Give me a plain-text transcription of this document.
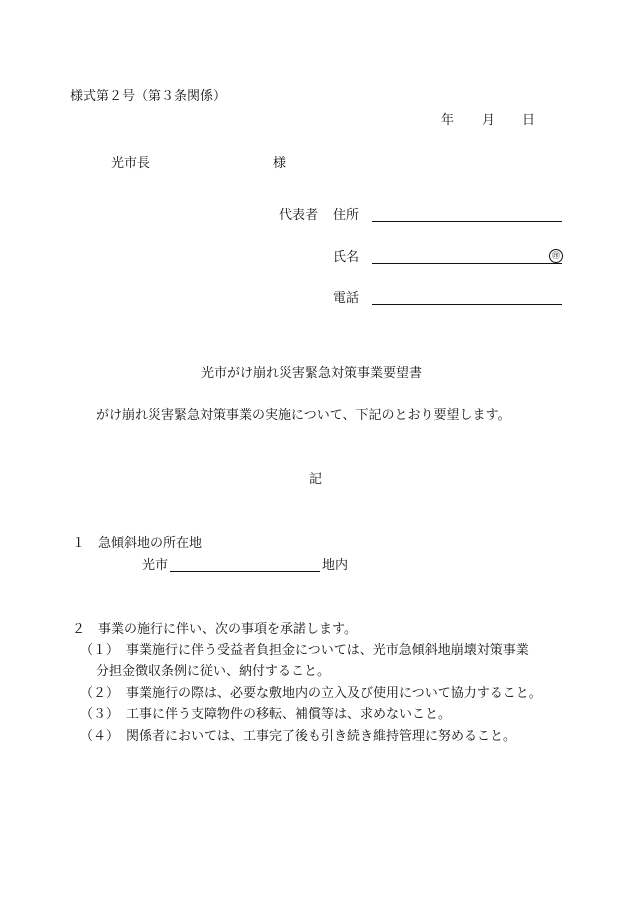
様式第２号（第３条関係）
年 月 日
光市長	様
代表者 住所
氏名	㊞
電話
光市がけ崩れ災害緊急対策事業要望書
がけ崩れ災害緊急対策事業の実施について、下記のとおり要望します。
記
１　急傾斜地の所在地
光市	地内
２　事業の施行に伴い、次の事項を承諾します。
（１） 事業施行に伴う受益者負担金については、光市急傾斜地崩壊対策事業
分担金徴収条例に従い、納付すること。
（２） 事業施行の際は、必要な敷地内の立入及び使用について協力すること。
（３） 工事に伴う支障物件の移転、補償等は、求めないこと。
（４） 関係者においては、工事完了後も引き続き維持管理に努めること。
